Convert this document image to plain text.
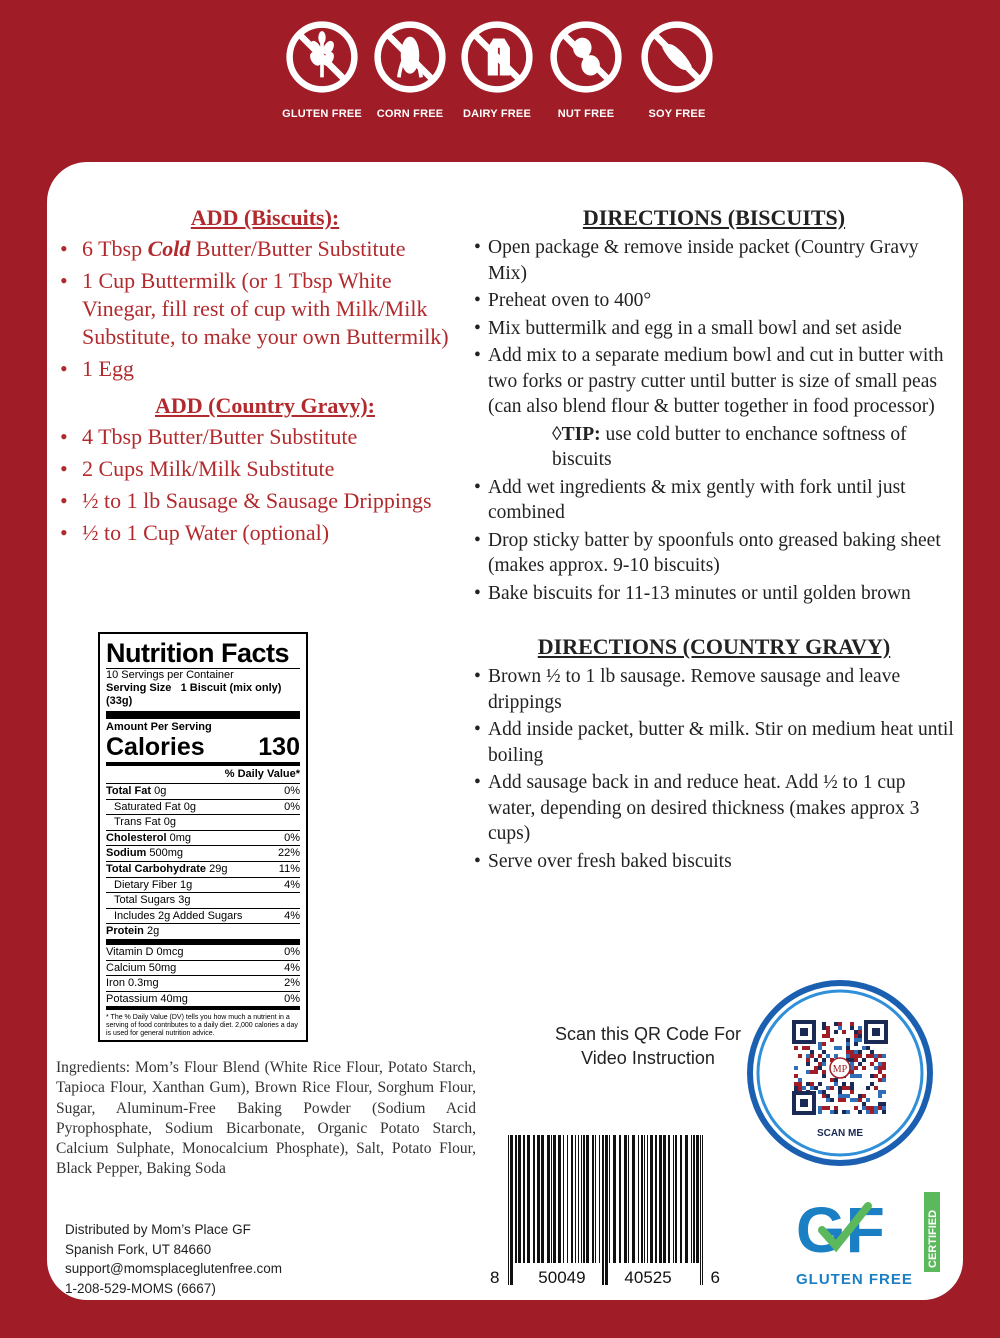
GLUTEN FREE	CORN FREE	DAIRY FREE	NUT FREE	SOY FREE
ADD (Biscuits):
• 6 Tbsp Cold Butter/Butter Substitute
• 1 Cup Buttermilk (or 1 Tbsp White Vinegar, fill rest of cup with Milk/Milk Substitute, to make your own Buttermilk)
• 1 Egg
ADD (Country Gravy):
• 4 Tbsp Butter/Butter Substitute
• 2 Cups Milk/Milk Substitute
• ½ to 1 lb Sausage & Sausage Drippings
• ½ to 1 Cup Water (optional)
DIRECTIONS (BISCUITS)
• Open package & remove inside packet (Country Gravy Mix)
• Preheat oven to 400°
• Mix buttermilk and egg in a small bowl and set aside
• Add mix to a separate medium bowl and cut in butter with two forks or pastry cutter until butter is size of small peas (can also blend flour & butter together in food processor)
◊TIP: use cold butter to enchance softness of biscuits
• Add wet ingredients & mix gently with fork until just combined
• Drop sticky batter by spoonfuls onto greased baking sheet (makes approx. 9-10 biscuits)
• Bake biscuits for 11-13 minutes or until golden brown
DIRECTIONS (COUNTRY GRAVY)
• Brown ½ to 1 lb sausage. Remove sausage and leave drippings
• Add inside packet, butter & milk. Stir on medium heat until boiling
• Add sausage back in and reduce heat. Add ½ to 1 cup water, depending on desired thickness (makes approx 3 cups)
• Serve over fresh baked biscuits
Nutrition Facts
10 Servings per Container
Serving Size 1 Biscuit (mix only) (33g)
Amount Per Serving
Calories 130
% Daily Value*
Total Fat 0g	0%
Saturated Fat 0g	0%
Trans Fat 0g
Cholesterol 0mg	0%
Sodium 500mg	22%
Total Carbohydrate 29g	11%
Dietary Fiber 1g	4%
Total Sugars 3g
Includes 2g Added Sugars	4%
Protein 2g
Vitamin D 0mcg	0%
Calcium 50mg	4%
Iron 0.3mg	2%
Potassium 40mg	0%
* The % Daily Value (DV) tells you how much a nutrient in a serving of food contributes to a daily diet. 2,000 calories a day is used for general nutrition advice.
Ingredients: Mom’s Flour Blend (White Rice Flour, Potato Starch, Tapioca Flour, Xanthan Gum), Brown Rice Flour, Sorghum Flour, Sugar, Aluminum-Free Baking Powder (Sodium Acid Pyrophosphate, Sodium Bicarbonate, Organic Potato Starch, Calcium Sulphate, Monocalcium Phosphate), Salt, Potato Flour, Black Pepper, Baking Soda
Distributed by Mom’s Place GF
Spanish Fork, UT 84660
support@momsplaceglutenfree.com
1-208-529-MOMS (6667)
Scan this QR Code For Video Instruction
MP
SCAN ME
8 50049 40525 6
GF	CERTIFIED
GLUTEN FREE
